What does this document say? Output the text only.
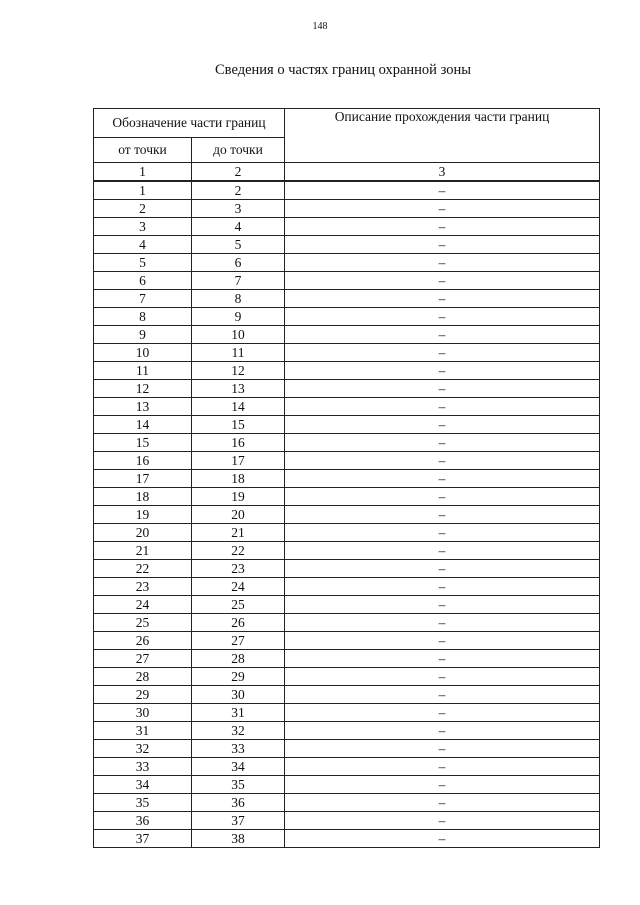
148
Сведения о частях границ охранной зоны
Обозначение части границ		Описание прохождения части границ
от точки	до точки	
1	2	3
1	2	–
2	3	–
3	4	–
4	5	–
5	6	–
6	7	–
7	8	–
8	9	–
9	10	–
10	11	–
11	12	–
12	13	–
13	14	–
14	15	–
15	16	–
16	17	–
17	18	–
18	19	–
19	20	–
20	21	–
21	22	–
22	23	–
23	24	–
24	25	–
25	26	–
26	27	–
27	28	–
28	29	–
29	30	–
30	31	–
31	32	–
32	33	–
33	34	–
34	35	–
35	36	–
36	37	–
37	38	–
